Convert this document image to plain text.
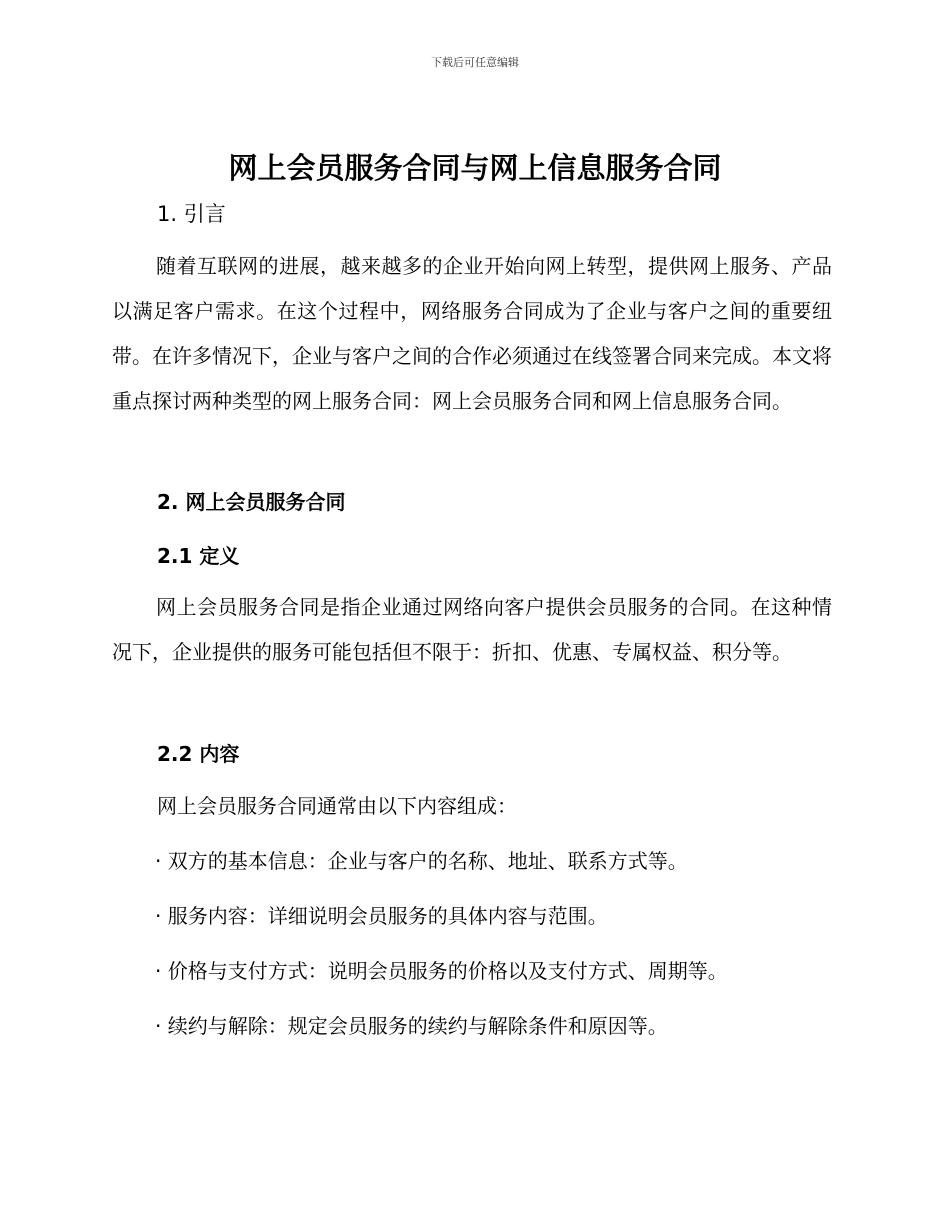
下载后可任意编辑
网上会员服务合同与网上信息服务合同
1. 引言

随着互联网的进展，越来越多的企业开始向网上转型，提供网上服务、产品以满足客户需求。在这个过程中，网络服务合同成为了企业与客户之间的重要纽带。在许多情况下，企业与客户之间的合作必须通过在线签署合同来完成。本文将重点探讨两种类型的网上服务合同：网上会员服务合同和网上信息服务合同。

2. 网上会员服务合同
2.1 定义

网上会员服务合同是指企业通过网络向客户提供会员服务的合同。在这种情况下，企业提供的服务可能包括但不限于：折扣、优惠、专属权益、积分等。

2.2 内容

网上会员服务合同通常由以下内容组成：

· 双方的基本信息：企业与客户的名称、地址、联系方式等。
· 服务内容：详细说明会员服务的具体内容与范围。
· 价格与支付方式：说明会员服务的价格以及支付方式、周期等。
· 续约与解除：规定会员服务的续约与解除条件和原因等。
